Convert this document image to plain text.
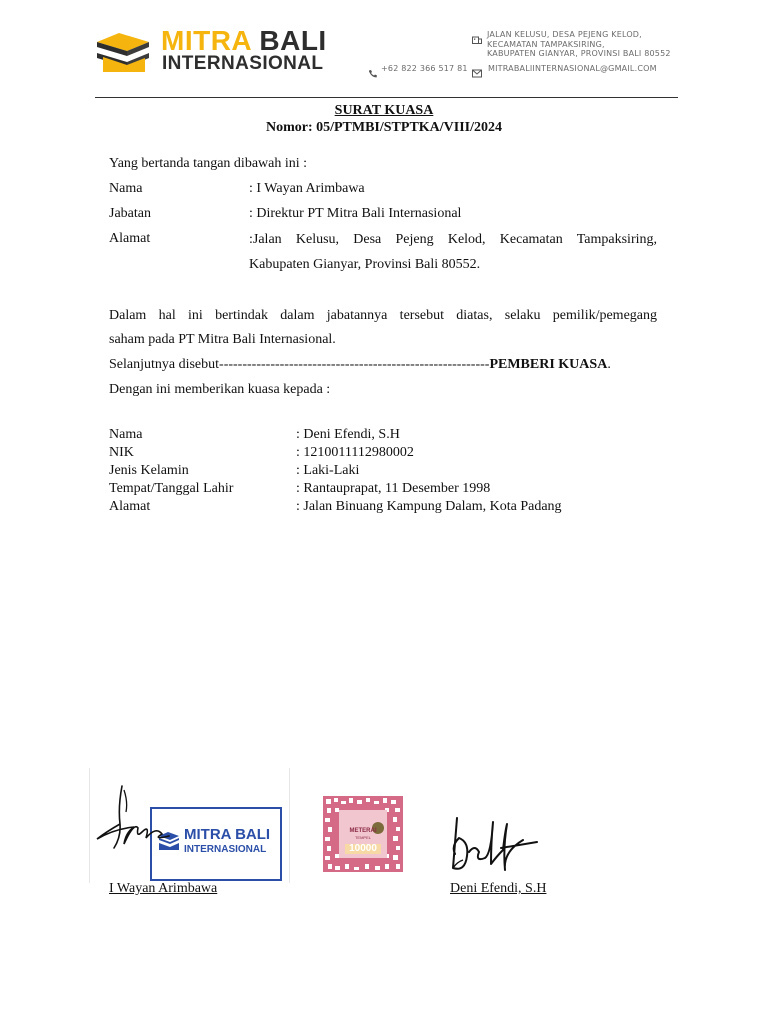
MITRA BALI
INTERNASIONAL
JALAN KELUSU, DESA PEJENG KELOD,
KECAMATAN TAMPAKSIRING,
KABUPATEN GIANYAR, PROVINSI BALI 80552
+62 822 366 517 81	MITRABALIINTERNASIONAL@GMAIL.COM
SURAT KUASA
Nomor: 05/PTMBI/STPTKA/VIII/2024
Yang bertanda tangan dibawah ini :
Nama	: I Wayan Arimbawa
Jabatan	: Direktur PT Mitra Bali Internasional
Alamat	:Jalan Kelusu, Desa Pejeng Kelod, Kecamatan Tampaksiring,
Kabupaten Gianyar, Provinsi Bali 80552.
Dalam hal ini bertindak dalam jabatannya tersebut diatas, selaku pemilik/pemegang
saham pada PT Mitra Bali Internasional.
Selanjutnya disebut----------------------------------------------------------PEMBERI KUASA.
Dengan ini memberikan kuasa kepada :
Nama	: Deni Efendi, S.H
NIK	: 1210011112980002
Jenis Kelamin	: Laki-Laki
Tempat/Tanggal Lahir	: Rantauprapat, 11 Desember 1998
Alamat	: Jalan Binuang Kampung Dalam, Kota Padang
MITRA BALI
INTERNASIONAL
METERAI
TEMPEL
10000
I Wayan Arimbawa	Deni Efendi, S.H
